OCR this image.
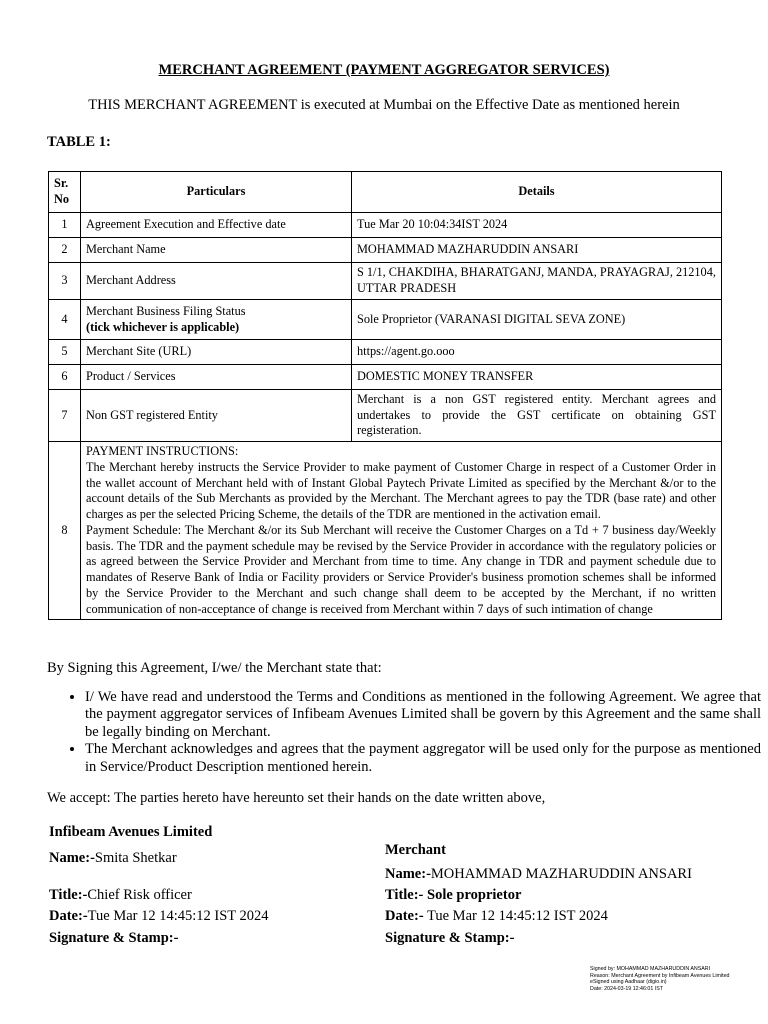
MERCHANT AGREEMENT (PAYMENT AGGREGATOR SERVICES)
THIS MERCHANT AGREEMENT is executed at Mumbai on the Effective Date as mentioned herein
TABLE 1:
Sr. No	Particulars	Details
1	Agreement Execution and Effective date	Tue Mar 20 10:04:34IST 2024
2	Merchant Name	MOHAMMAD MAZHARUDDIN ANSARI
3	Merchant Address	S 1/1, CHAKDIHA, BHARATGANJ, MANDA, PRAYAGRAJ, 212104, UTTAR PRADESH
4	Merchant Business Filing Status
(tick whichever is applicable)	Sole Proprietor (VARANASI DIGITAL SEVA ZONE)
5	Merchant Site (URL)	https://agent.go.ooo
6	Product / Services	DOMESTIC MONEY TRANSFER
7	Non GST registered Entity	Merchant is a non GST registered entity. Merchant agrees and undertakes to provide the GST certificate on obtaining GST registeration.
8	PAYMENT INSTRUCTIONS:
The Merchant hereby instructs the Service Provider to make payment of Customer Charge in respect of a Customer Order in the wallet account of Merchant held with of Instant Global Paytech Private Limited as specified by the Merchant &/or to the account details of the Sub Merchants as provided by the Merchant. The Merchant agrees to pay the TDR (base rate) and other charges as per the selected Pricing Scheme, the details of the TDR are mentioned in the activation email.
Payment Schedule: The Merchant &/or its Sub Merchant will receive the Customer Charges on a Td + 7 business day/Weekly basis. The TDR and the payment schedule may be revised by the Service Provider in accordance with the regulatory policies or as agreed between the Service Provider and Merchant from time to time. Any change in TDR and payment schedule due to mandates of Reserve Bank of India or Facility providers or Service Provider's business promotion schemes shall be informed by the Service Provider to the Merchant and such change shall deem to be accepted by the Merchant, if no written communication of non-acceptance of change is received from Merchant within 7 days of such intimation of change	
By Signing this Agreement, I/we/ the Merchant state that:
• I/ We have read and understood the Terms and Conditions as mentioned in the following Agreement. We agree that the payment aggregator services of Infibeam Avenues Limited shall be govern by this Agreement and the same shall be legally binding on Merchant.
• The Merchant acknowledges and agrees that the payment aggregator will be used only for the purpose as mentioned in Service/Product Description mentioned herein.
We accept: The parties hereto have hereunto set their hands on the date written above,
Infibeam Avenues Limited
Name:-Smita Shetkar
Title:-Chief Risk officer
Date:-Tue Mar 12 14:45:12 IST 2024
Signature & Stamp:-
Merchant
Name:-MOHAMMAD MAZHARUDDIN ANSARI
Title:- Sole proprietor
Date:- Tue Mar 12 14:45:12 IST 2024
Signature & Stamp:-
Signed by: MOHAMMAD MAZHARUDDIN ANSARI
Reason: Merchant Agreement by Infibeam Avenues Limited
eSigned using Aadhaar (digio.in)
Date: 2024-03-19 12:46:01 IST
